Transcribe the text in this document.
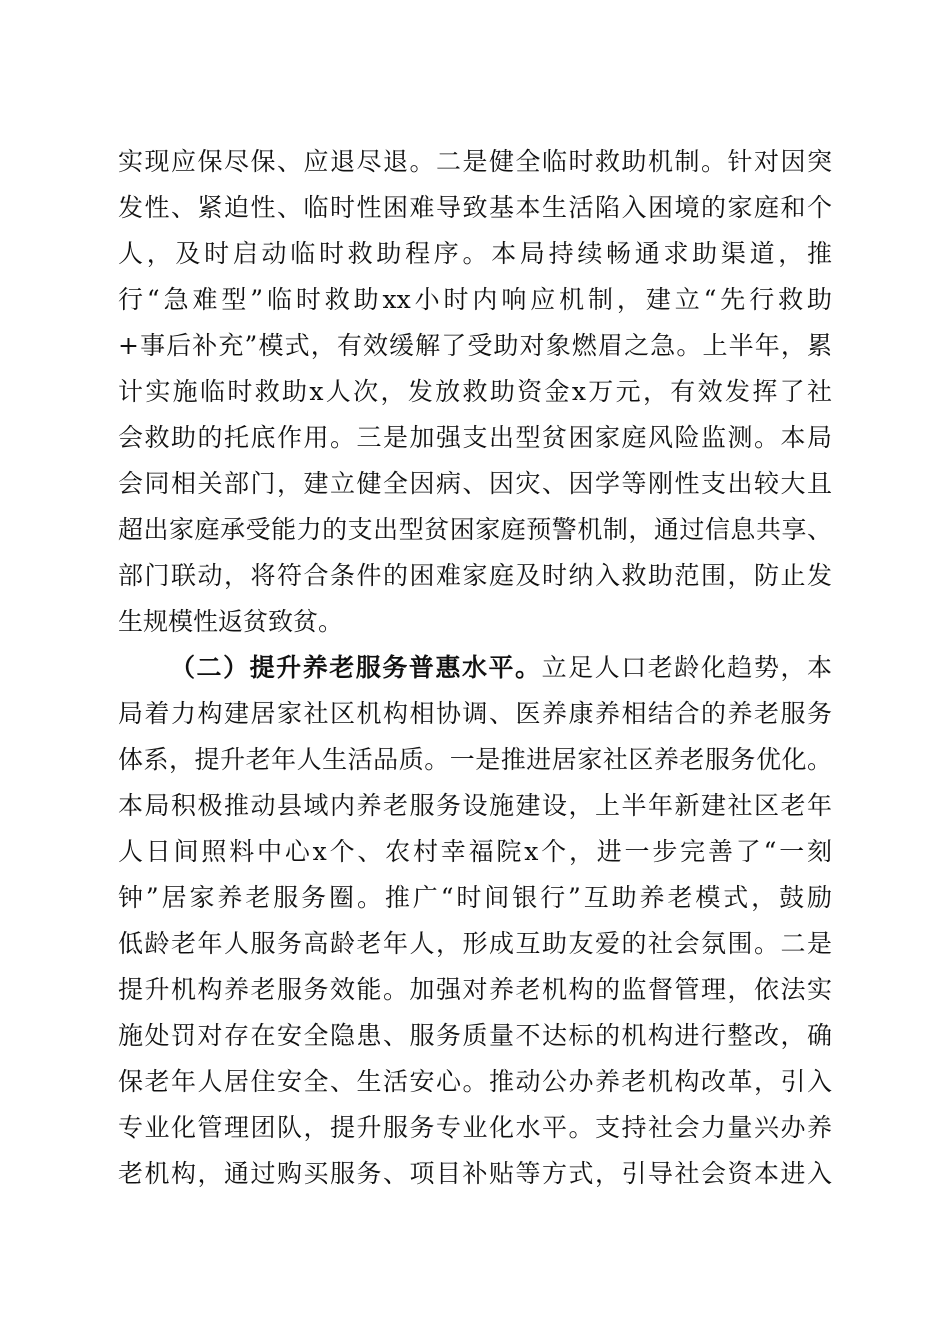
实现应保尽保、应退尽退。二是健全临时救助机制。针对因突
发性、紧迫性、临时性困难导致基本生活陷入困境的家庭和个
人，及时启动临时救助程序。本局持续畅通求助渠道，推
行“急难型”临时救助xx小时内响应机制，建立“先行救助
+事后补充”模式，有效缓解了受助对象燃眉之急。上半年，累
计实施临时救助x人次，发放救助资金x万元，有效发挥了社
会救助的托底作用。三是加强支出型贫困家庭风险监测。本局
会同相关部门，建立健全因病、因灾、因学等刚性支出较大且
超出家庭承受能力的支出型贫困家庭预警机制，通过信息共享、
部门联动，将符合条件的困难家庭及时纳入救助范围，防止发
生规模性返贫致贫。
（二）提升养老服务普惠水平。立足人口老龄化趋势，本
局着力构建居家社区机构相协调、医养康养相结合的养老服务
体系，提升老年人生活品质。一是推进居家社区养老服务优化。
本局积极推动县域内养老服务设施建设，上半年新建社区老年
人日间照料中心x个、农村幸福院x个，进一步完善了“一刻
钟”居家养老服务圈。推广“时间银行”互助养老模式，鼓励
低龄老年人服务高龄老年人，形成互助友爱的社会氛围。二是
提升机构养老服务效能。加强对养老机构的监督管理，依法实
施处罚对存在安全隐患、服务质量不达标的机构进行整改，确
保老年人居住安全、生活安心。推动公办养老机构改革，引入
专业化管理团队，提升服务专业化水平。支持社会力量兴办养
老机构，通过购买服务、项目补贴等方式，引导社会资本进入
